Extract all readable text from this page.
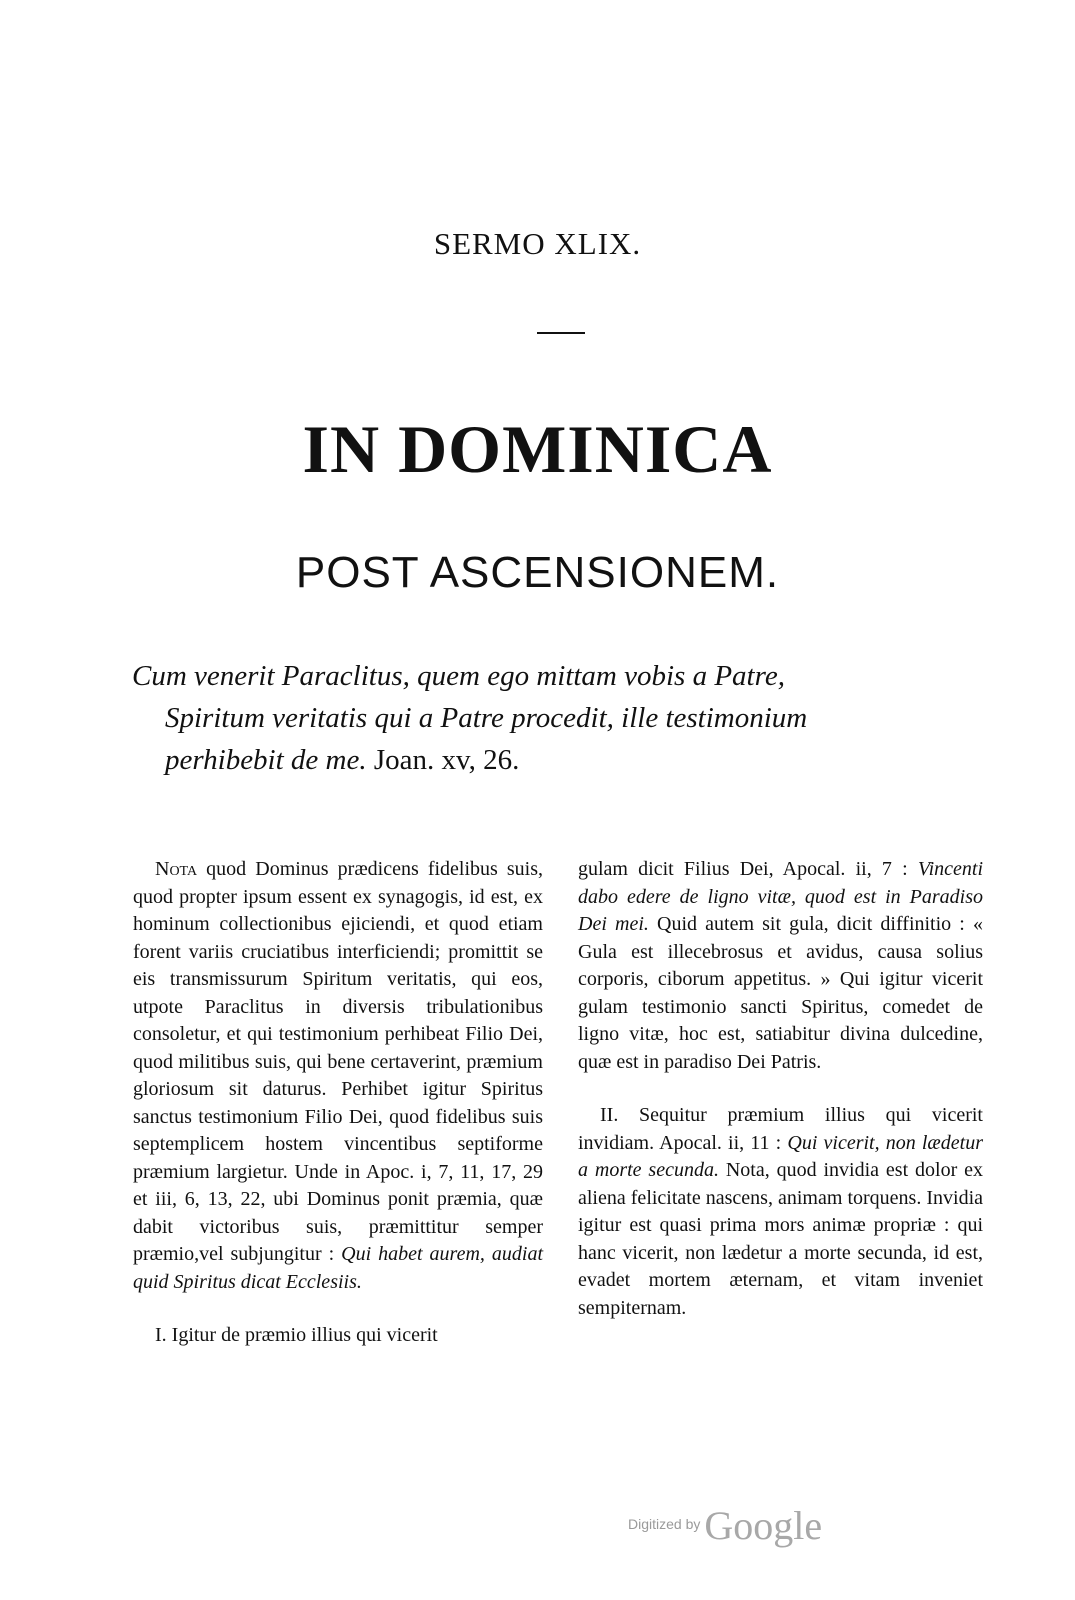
SERMO XLIX.
IN DOMINICA
POST ASCENSIONEM.
Cum venerit Paraclitus, quem ego mittam vobis a Patre,
Spiritum veritatis qui a Patre procedit, ille testimonium
perhibebit de me. Joan. xv, 26.

Nota quod Dominus prædicens fidelibus suis, quod propter ipsum essent ex synagogis, id est, ex hominum collectionibus ejiciendi, et quod etiam forent variis cruciatibus interficiendi; promittit se eis transmissurum Spiritum veritatis, qui eos, utpote Paraclitus in diversis tribulationibus consoletur, et qui testimonium perhibeat Filio Dei, quod militibus suis, qui bene certaverint, præmium gloriosum sit daturus. Perhibet igitur Spiritus sanctus testimonium Filio Dei, quod fidelibus suis septemplicem hostem vincentibus septiforme præmium largietur. Unde in Apoc. i, 7, 11, 17, 29 et iii, 6, 13, 22, ubi Dominus ponit præmia, quæ dabit victoribus suis, præmittitur semper præmio,vel subjungitur : Qui habet aurem, audiat quid Spiritus dicat Ecclesiis.

I. Igitur de præmio illius qui vicerit

gulam dicit Filius Dei, Apocal. ii, 7 : Vincenti dabo edere de ligno vitæ, quod est in Paradiso Dei mei. Quid autem sit gula, dicit diffinitio : « Gula est illecebrosus et avidus, causa solius corporis, ciborum appetitus. » Qui igitur vicerit gulam testimonio sancti Spiritus, comedet de ligno vitæ, hoc est, satiabitur divina dulcedine, quæ est in paradiso Dei Patris.

II. Sequitur præmium illius qui vicerit invidiam. Apocal. ii, 11 : Qui vicerit, non lædetur a morte secunda. Nota, quod invidia est dolor ex aliena felicitate nascens, animam torquens. Invidia igitur est quasi prima mors animæ propriæ : qui hanc vicerit, non lædetur a morte secunda, id est, evadet mortem æternam, et vitam inveniet sempiternam.

Digitized by Google
